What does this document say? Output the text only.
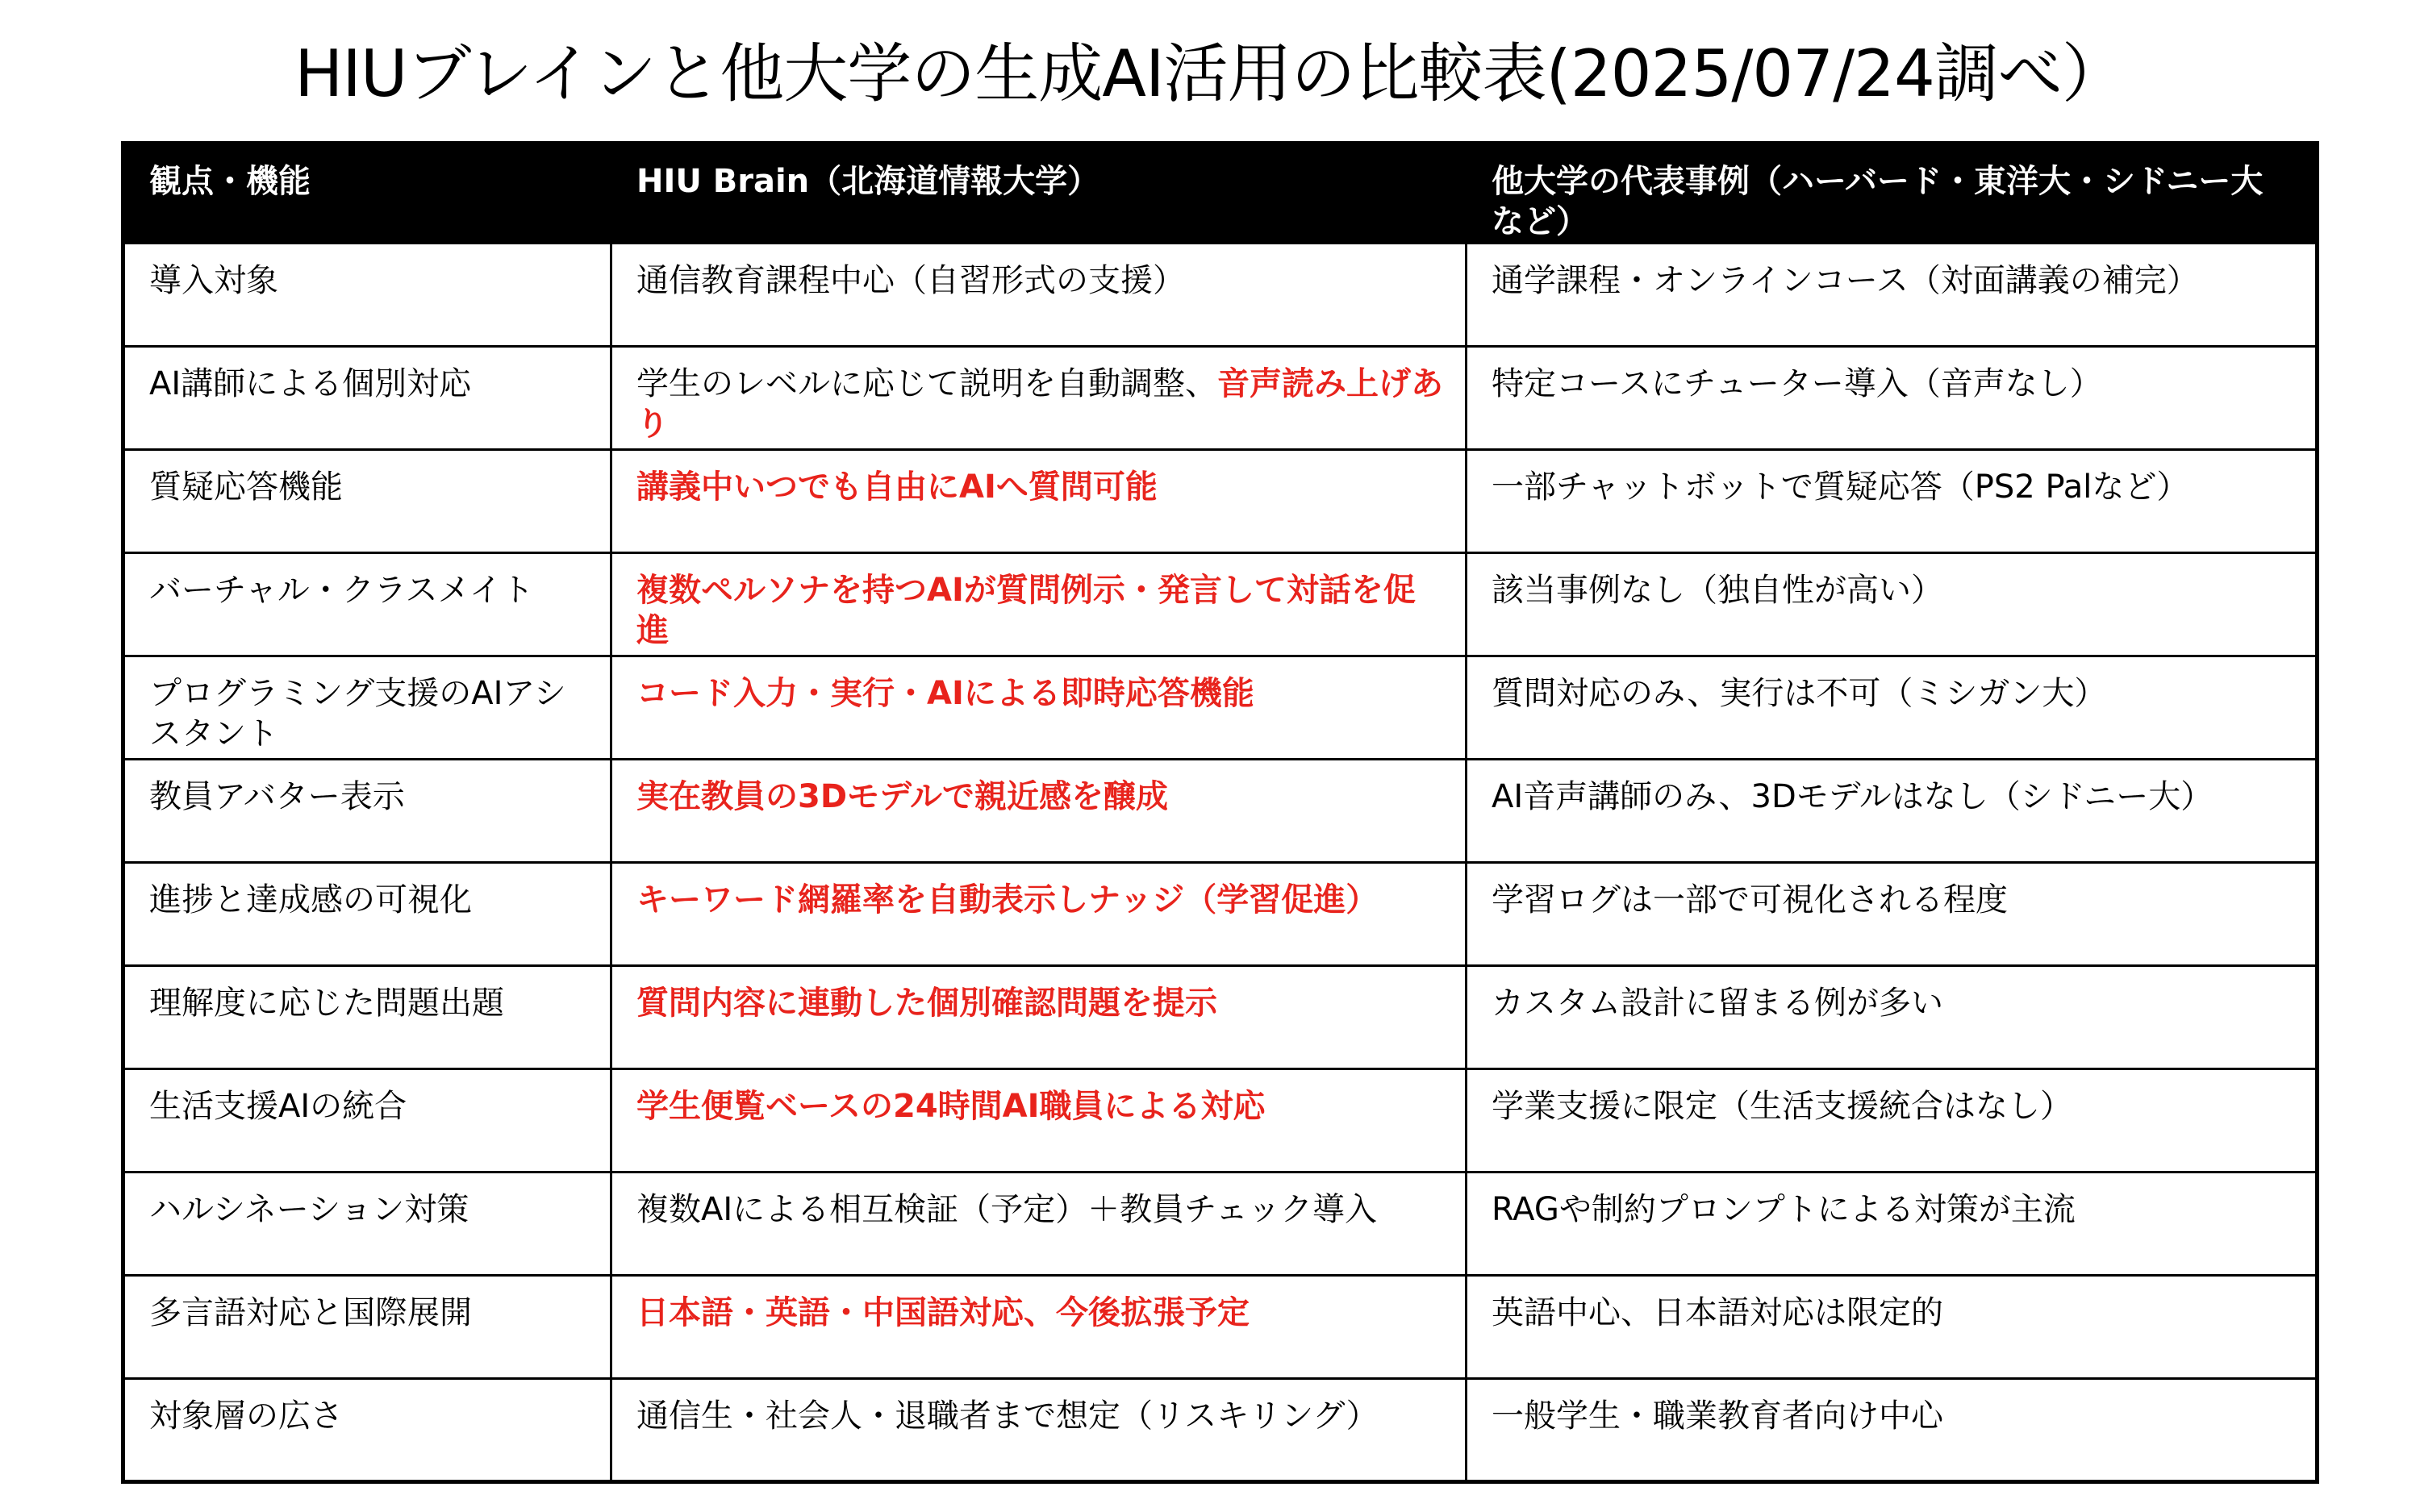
HIUブレインと他大学の生成AI活用の比較表(2025/07/24調べ）
観点・機能	HIU Brain（北海道情報大学）	他大学の代表事例（ハーバード・東洋大・シドニー大など）
導入対象	通信教育課程中心（自習形式の支援）	通学課程・オンラインコース（対面講義の補完）
AI講師による個別対応	学生のレベルに応じて説明を自動調整、音声読み上げあり	特定コースにチューター導入（音声なし）
質疑応答機能	講義中いつでも自由にAIへ質問可能	一部チャットボットで質疑応答（PS2 Palなど）
バーチャル・クラスメイト	複数ペルソナを持つAIが質問例示・発言して対話を促進	該当事例なし（独自性が高い）
プログラミング支援のAIアシスタント	コード入力・実行・AIによる即時応答機能	質問対応のみ、実行は不可（ミシガン大）
教員アバター表示	実在教員の3Dモデルで親近感を醸成	AI音声講師のみ、3Dモデルはなし（シドニー大）
進捗と達成感の可視化	キーワード網羅率を自動表示しナッジ（学習促進）	学習ログは一部で可視化される程度
理解度に応じた問題出題	質問内容に連動した個別確認問題を提示	カスタム設計に留まる例が多い
生活支援AIの統合	学生便覧ベースの24時間AI職員による対応	学業支援に限定（生活支援統合はなし）
ハルシネーション対策	複数AIによる相互検証（予定）＋教員チェック導入	RAGや制約プロンプトによる対策が主流
多言語対応と国際展開	日本語・英語・中国語対応、今後拡張予定	英語中心、日本語対応は限定的
対象層の広さ	通信生・社会人・退職者まで想定（リスキリング）	一般学生・職業教育者向け中心
